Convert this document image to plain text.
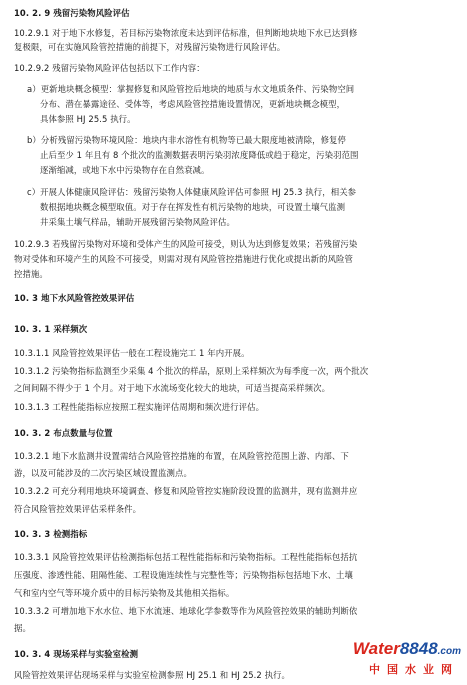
10. 2. 9 残留污染物风险评估
10.2.9.1 对于地下水修复，若目标污染物浓度未达到评估标准，但判断地块地下水已达到修
复极限，可在实施风险管控措施的前提下，对残留污染物进行风险评估。
10.2.9.2 残留污染物风险评估包括以下工作内容：
a）更新地块概念模型：掌握修复和风险管控后地块的地质与水文地质条件、污染物空间
分布、潜在暴露途径、受体等，考虑风险管控措施设置情况，更新地块概念模型，
具体参照 HJ 25.5 执行。
b）分析残留污染物环境风险：地块内非水溶性有机物等已最大限度地被清除，修复停
止后至少 1 年且有 8 个批次的监测数据表明污染羽浓度降低或趋于稳定，污染羽范围
逐渐缩减，或地下水中污染物存在自然衰减。
c）开展人体健康风险评估：残留污染物人体健康风险评估可参照 HJ 25.3 执行，相关参
数根据地块概念模型取值。对于存在挥发性有机污染物的地块，可设置土壤气监测
井采集土壤气样品，辅助开展残留污染物风险评估。
10.2.9.3 若残留污染物对环境和受体产生的风险可接受，则认为达到修复效果；若残留污染
物对受体和环境产生的风险不可接受，则需对现有风险管控措施进行优化或提出新的风险管
控措施。
10. 3 地下水风险管控效果评估
10. 3. 1 采样频次
10.3.1.1 风险管控效果评估一般在工程设施完工 1 年内开展。
10.3.1.2 污染物指标监测至少采集 4 个批次的样品，原则上采样频次为每季度一次，两个批次
之间间隔不得少于 1 个月。对于地下水流场变化较大的地块，可适当提高采样频次。
10.3.1.3 工程性能指标应按照工程实施评估周期和频次进行评估。
10. 3. 2 布点数量与位置
10.3.2.1 地下水监测井设置需结合风险管控措施的布置，在风险管控范围上游、内部、下
游，以及可能涉及的二次污染区域设置监测点。
10.3.2.2 可充分利用地块环境调查、修复和风险管控实施阶段设置的监测井，现有监测井应
符合风险管控效果评估采样条件。
10. 3. 3 检测指标
10.3.3.1 风险管控效果评估检测指标包括工程性能指标和污染物指标。工程性能指标包括抗
压强度、渗透性能、阻隔性能、工程设施连续性与完整性等；污染物指标包括地下水、土壤
气和室内空气等环境介质中的目标污染物及其他相关指标。
10.3.3.2 可增加地下水水位、地下水流速、地球化学参数等作为风险管控效果的辅助判断依
据。
10. 3. 4 现场采样与实验室检测
风险管控效果评估现场采样与实验室检测参照 HJ 25.1 和 HJ 25.2 执行。
Water8848.com
中国水业网
